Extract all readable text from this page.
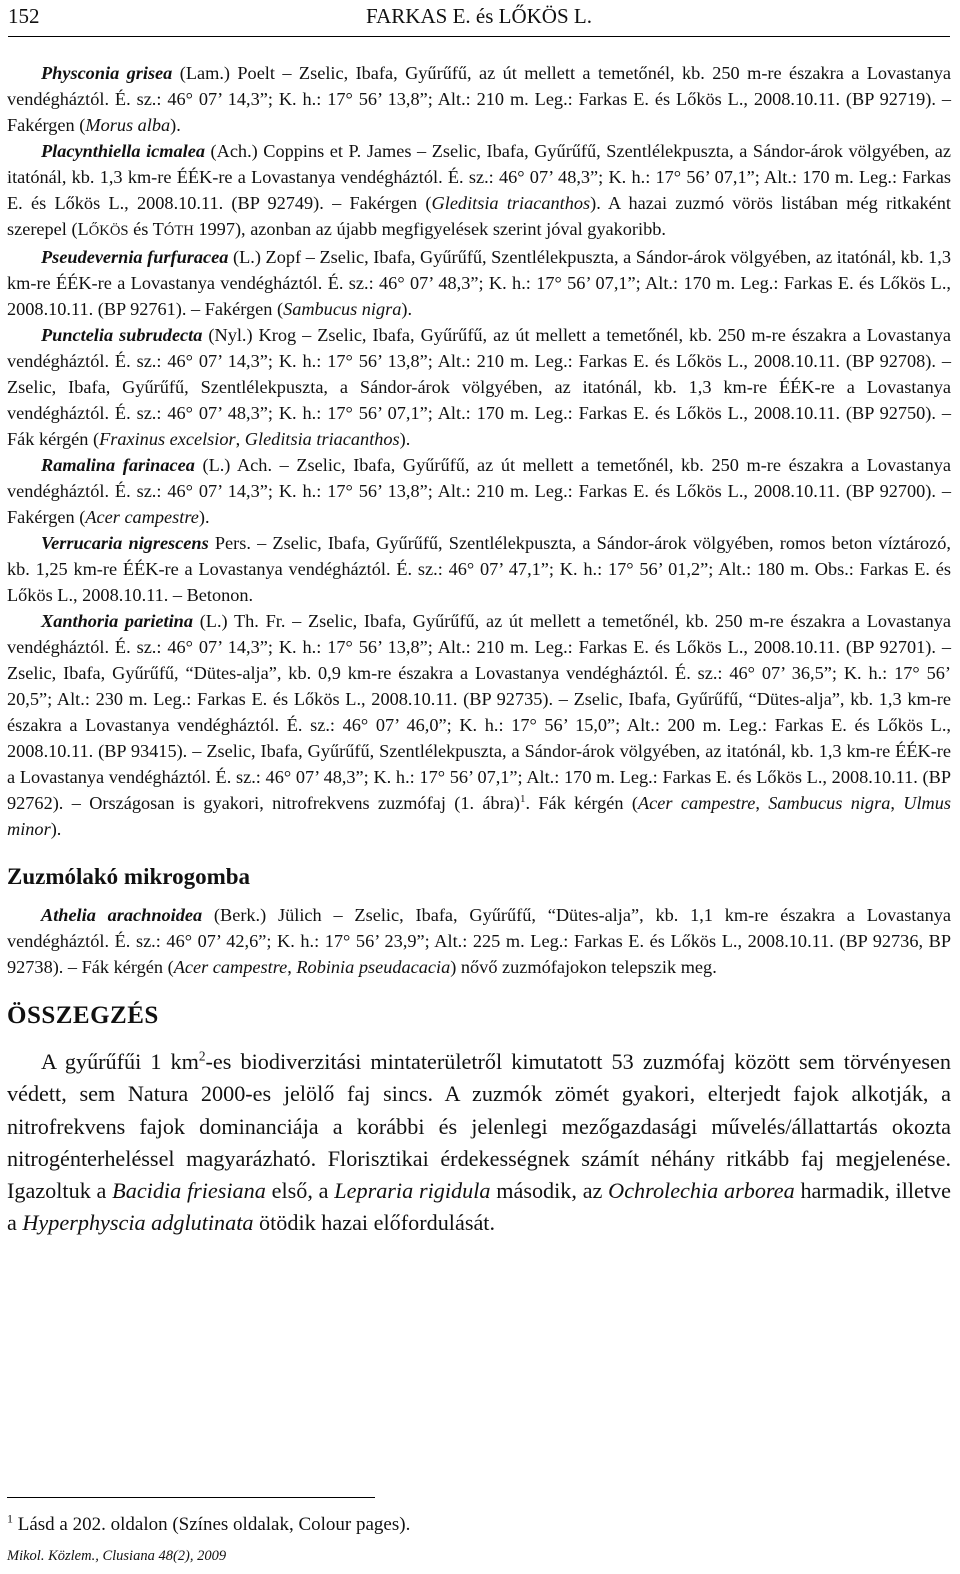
152	FARKAS E. és LŐKÖS L.

Physconia grisea (Lam.) Poelt – Zselic, Ibafa, Gyűrűfű, az út mellett a temetőnél, kb. 250 m-re északra a Lovastanya vendégháztól. É. sz.: 46° 07’ 14,3”; K. h.: 17° 56’ 13,8”; Alt.: 210 m. Leg.: Farkas E. és Lőkös L., 2008.10.11. (BP 92719). – Fakérgen (Morus alba).

Placynthiella icmalea (Ach.) Coppins et P. James – Zselic, Ibafa, Gyűrűfű, Szentlélekpuszta, a Sándor-árok völgyében, az itatónál, kb. 1,3 km-re ÉÉK-re a Lovastanya vendégháztól. É. sz.: 46° 07’ 48,3”; K. h.: 17° 56’ 07,1”; Alt.: 170 m. Leg.: Farkas E. és Lőkös L., 2008.10.11. (BP 92749). – Fakérgen (Gleditsia triacanthos). A hazai zuzmó vörös listában még ritkaként szerepel (LŐKÖS és TÓTH 1997), azonban az újabb megfigyelések szerint jóval gyakoribb.

Pseudevernia furfuracea (L.) Zopf – Zselic, Ibafa, Gyűrűfű, Szentlélekpuszta, a Sándor-árok völgyében, az itatónál, kb. 1,3 km-re ÉÉK-re a Lovastanya vendégháztól. É. sz.: 46° 07’ 48,3”; K. h.: 17° 56’ 07,1”; Alt.: 170 m. Leg.: Farkas E. és Lőkös L., 2008.10.11. (BP 92761). – Fakérgen (Sambucus nigra).

Punctelia subrudecta (Nyl.) Krog – Zselic, Ibafa, Gyűrűfű, az út mellett a temetőnél, kb. 250 m-re északra a Lovastanya vendégháztól. É. sz.: 46° 07’ 14,3”; K. h.: 17° 56’ 13,8”; Alt.: 210 m. Leg.: Farkas E. és Lőkös L., 2008.10.11. (BP 92708). – Zselic, Ibafa, Gyűrűfű, Szentlélekpuszta, a Sándor-árok völgyében, az itatónál, kb. 1,3 km-re ÉÉK-re a Lovastanya vendégháztól. É. sz.: 46° 07’ 48,3”; K. h.: 17° 56’ 07,1”; Alt.: 170 m. Leg.: Farkas E. és Lőkös L., 2008.10.11. (BP 92750). – Fák kérgén (Fraxinus excelsior, Gleditsia triacanthos).

Ramalina farinacea (L.) Ach. – Zselic, Ibafa, Gyűrűfű, az út mellett a temetőnél, kb. 250 m-re északra a Lovastanya vendégháztól. É. sz.: 46° 07’ 14,3”; K. h.: 17° 56’ 13,8”; Alt.: 210 m. Leg.: Farkas E. és Lőkös L., 2008.10.11. (BP 92700). – Fakérgen (Acer campestre).

Verrucaria nigrescens Pers. – Zselic, Ibafa, Gyűrűfű, Szentlélekpuszta, a Sándor-árok völgyében, romos beton víztározó, kb. 1,25 km-re ÉÉK-re a Lovastanya vendégháztól. É. sz.: 46° 07’ 47,1”; K. h.: 17° 56’ 01,2”; Alt.: 180 m. Obs.: Farkas E. és Lőkös L., 2008.10.11. – Betonon.

Xanthoria parietina (L.) Th. Fr. – Zselic, Ibafa, Gyűrűfű, az út mellett a temetőnél, kb. 250 m-re északra a Lovastanya vendégháztól. É. sz.: 46° 07’ 14,3”; K. h.: 17° 56’ 13,8”; Alt.: 210 m. Leg.: Farkas E. és Lőkös L., 2008.10.11. (BP 92701). – Zselic, Ibafa, Gyűrűfű, “Dütes-alja”, kb. 0,9 km-re északra a Lovastanya vendégháztól. É. sz.: 46° 07’ 36,5”; K. h.: 17° 56’ 20,5”; Alt.: 230 m. Leg.: Farkas E. és Lőkös L., 2008.10.11. (BP 92735). – Zselic, Ibafa, Gyűrűfű, “Dütes-alja”, kb. 1,3 km-re északra a Lovastanya vendégháztól. É. sz.: 46° 07’ 46,0”; K. h.: 17° 56’ 15,0”; Alt.: 200 m. Leg.: Farkas E. és Lőkös L., 2008.10.11. (BP 93415). – Zselic, Ibafa, Gyűrűfű, Szentlélekpuszta, a Sándor-árok völgyében, az itatónál, kb. 1,3 km-re ÉÉK-re a Lovastanya vendégháztól. É. sz.: 46° 07’ 48,3”; K. h.: 17° 56’ 07,1”; Alt.: 170 m. Leg.: Farkas E. és Lőkös L., 2008.10.11. (BP 92762). – Országosan is gyakori, nitrofrekvens zuzmófaj (1. ábra)$^1$. Fák kérgén (Acer campestre, Sambucus nigra, Ulmus minor).

Zuzmólakó mikrogomba

Athelia arachnoidea (Berk.) Jülich – Zselic, Ibafa, Gyűrűfű, “Dütes-alja”, kb. 1,1 km-re északra a Lovastanya vendégháztól. É. sz.: 46° 07’ 42,6”; K. h.: 17° 56’ 23,9”; Alt.: 225 m. Leg.: Farkas E. és Lőkös L., 2008.10.11. (BP 92736, BP 92738). – Fák kérgén (Acer campestre, Robinia pseudacacia) nővő zuzmófajokon telepszik meg.

ÖSSZEGZÉS

A gyűrűfűi 1 $km^2-es$ biodiverzitási mintaterületről kimutatott 53 zuzmófaj között sem törvényesen védett, sem Natura 2000-es jelölő faj sincs. A zuzmók zömét gyakori, elterjedt fajok alkotják, a nitrofrekvens fajok dominanciája a korábbi és jelenlegi mezőgazdasági művelés/állattartás okozta nitrogénterheléssel magyarázható. Florisztikai érdekességnek számít néhány ritkább faj megjelenése. Igazoltuk a Bacidia friesiana első, a Lepraria rigidula második, az Ochrolechia arborea harmadik, illetve a Hyperphyscia adglutinata ötödik hazai előfordulását.

$^1$ Lásd a 202. oldalon (Színes oldalak, Colour pages).
Mikol. Közlem., Clusiana 48(2), 2009
